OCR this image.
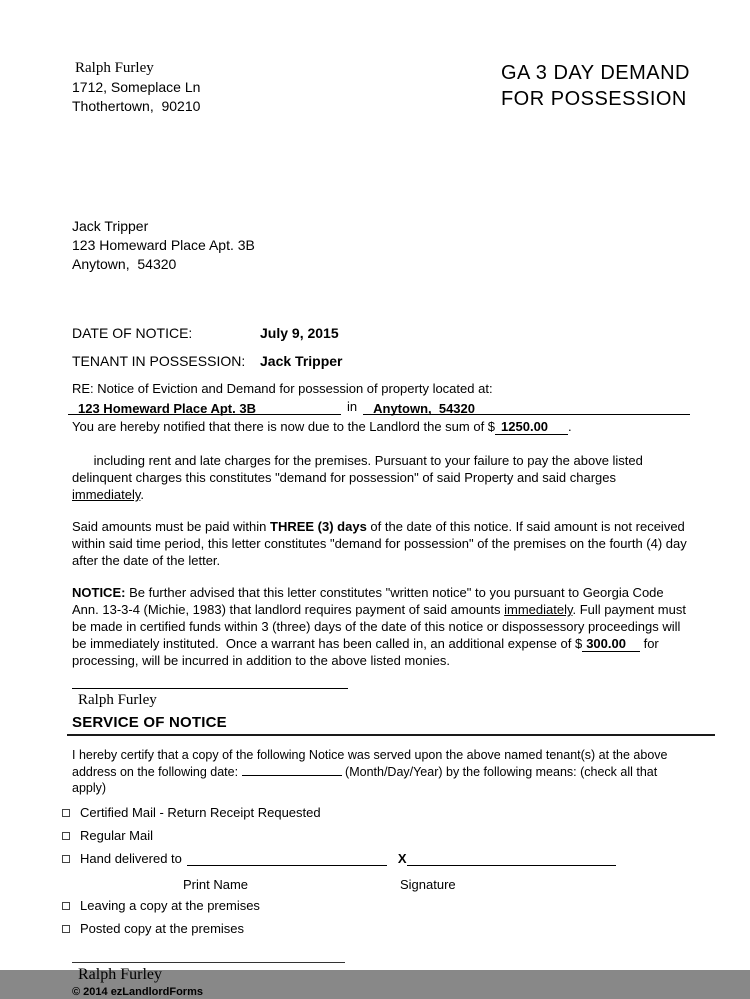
Ralph Furley
1712, Someplace Ln
Thothertown,  90210
GA 3 DAY DEMAND
FOR POSSESSION
Jack Tripper
123 Homeward Place Apt. 3B
Anytown,  54320
DATE OF NOTICE:	July 9, 2015
TENANT IN POSSESSION: Jack Tripper
RE: Notice of Eviction and Demand for possession of property located at:
123 Homeward Place Apt. 3B	in	Anytown,  54320

You are hereby notified that there is now due to the Landlord the sum of $ 1250.00 .

including rent and late charges for the premises. Pursuant to your failure to pay the above listed delinquent charges this constitutes "demand for possession" of said Property and said charges immediately.

Said amounts must be paid within THREE (3) days of the date of this notice. If said amount is not received within said time period, this letter constitutes "demand for possession" of the premises on the fourth (4) day after the date of the letter.

NOTICE: Be further advised that this letter constitutes "written notice" to you pursuant to Georgia Code Ann. 13-3-4 (Michie, 1983) that landlord requires payment of said amounts immediately. Full payment must be made in certified funds within 3 (three) days of the date of this notice or dispossessory proceedings will be immediately instituted.  Once a warrant has been called in, an additional expense of $ 300.00 for processing, will be incurred in addition to the above listed monies.

Ralph Furley
SERVICE OF NOTICE

I hereby certify that a copy of the following Notice was served upon the above named tenant(s) at the above address on the following date:	(Month/Day/Year) by the following means: (check all that apply)

Certified Mail - Return Receipt Requested
Regular Mail
Hand delivered to	X
Print Name	Signature
Leaving a copy at the premises
Posted copy at the premises
Ralph Furley
© 2014 ezLandlordForms
